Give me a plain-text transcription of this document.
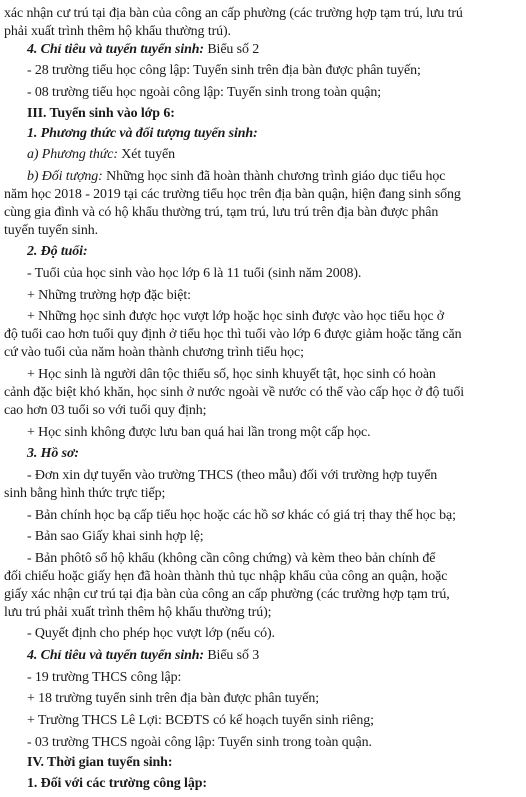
xác nhận cư trú tại địa bàn của công an cấp phường (các trường hợp tạm trú, lưu trú
phải xuất trình thêm hộ khẩu thường trú).
4. Chỉ tiêu và tuyển tuyển sinh: Biểu số 2
- 28 trường tiểu học công lập: Tuyển sinh trên địa bàn được phân tuyến;
- 08 trường tiểu học ngoài công lập: Tuyển sinh trong toàn quận;
III. Tuyển sinh vào lớp 6:
1. Phương thức và đối tượng tuyển sinh:
a) Phương thức: Xét tuyển
b) Đối tượng: Những học sinh đã hoàn thành chương trình giáo dục tiểu học
năm học 2018 - 2019 tại các trường tiểu học trên địa bàn quận, hiện đang sinh sống
cùng gia đình và có hộ khẩu thường trú, tạm trú, lưu trú trên địa bàn được phân
tuyến tuyển sinh.
2. Độ tuổi:
- Tuổi của học sinh vào học lớp 6 là 11 tuổi (sinh năm 2008).
+ Những trường hợp đặc biệt:
+ Những học sinh được học vượt lớp hoặc học sinh được vào học tiểu học ở
độ tuổi cao hơn tuổi quy định ở tiểu học thì tuổi vào lớp 6 được giảm hoặc tăng căn
cứ vào tuổi của năm hoàn thành chương trình tiểu học;
+ Học sinh là người dân tộc thiểu số, học sinh khuyết tật, học sinh có hoàn
cảnh đặc biệt khó khăn, học sinh ở nước ngoài về nước có thể vào cấp học ở độ tuổi
cao hơn 03 tuổi so với tuổi quy định;
+ Học sinh không được lưu ban quá hai lần trong một cấp học.
3. Hồ sơ:
- Đơn xin dự tuyển vào trường THCS (theo mẫu) đối với trường hợp tuyển
sinh bằng hình thức trực tiếp;
- Bản chính học bạ cấp tiểu học hoặc các hồ sơ khác có giá trị thay thế học bạ;
- Bản sao Giấy khai sinh hợp lệ;
- Bản phôtô sổ hộ khẩu (không cần công chứng) và kèm theo bản chính để
đối chiếu hoặc giấy hẹn đã hoàn thành thủ tục nhập khẩu của công an quận, hoặc
giấy xác nhận cư trú tại địa bàn của công an cấp phường (các trường hợp tạm trú,
lưu trú phải xuất trình thêm hộ khẩu thường trú);
- Quyết định cho phép học vượt lớp (nếu có).
4. Chỉ tiêu và tuyển tuyển sinh: Biểu số 3
- 19 trường THCS công lập:
+ 18 trường tuyển sinh trên địa bàn được phân tuyến;
+ Trường THCS Lê Lợi: BCĐTS có kế hoạch tuyển sinh riêng;
- 03 trường THCS ngoài công lập: Tuyển sinh trong toàn quận.
IV. Thời gian tuyển sinh:
1. Đối với các trường công lập:
